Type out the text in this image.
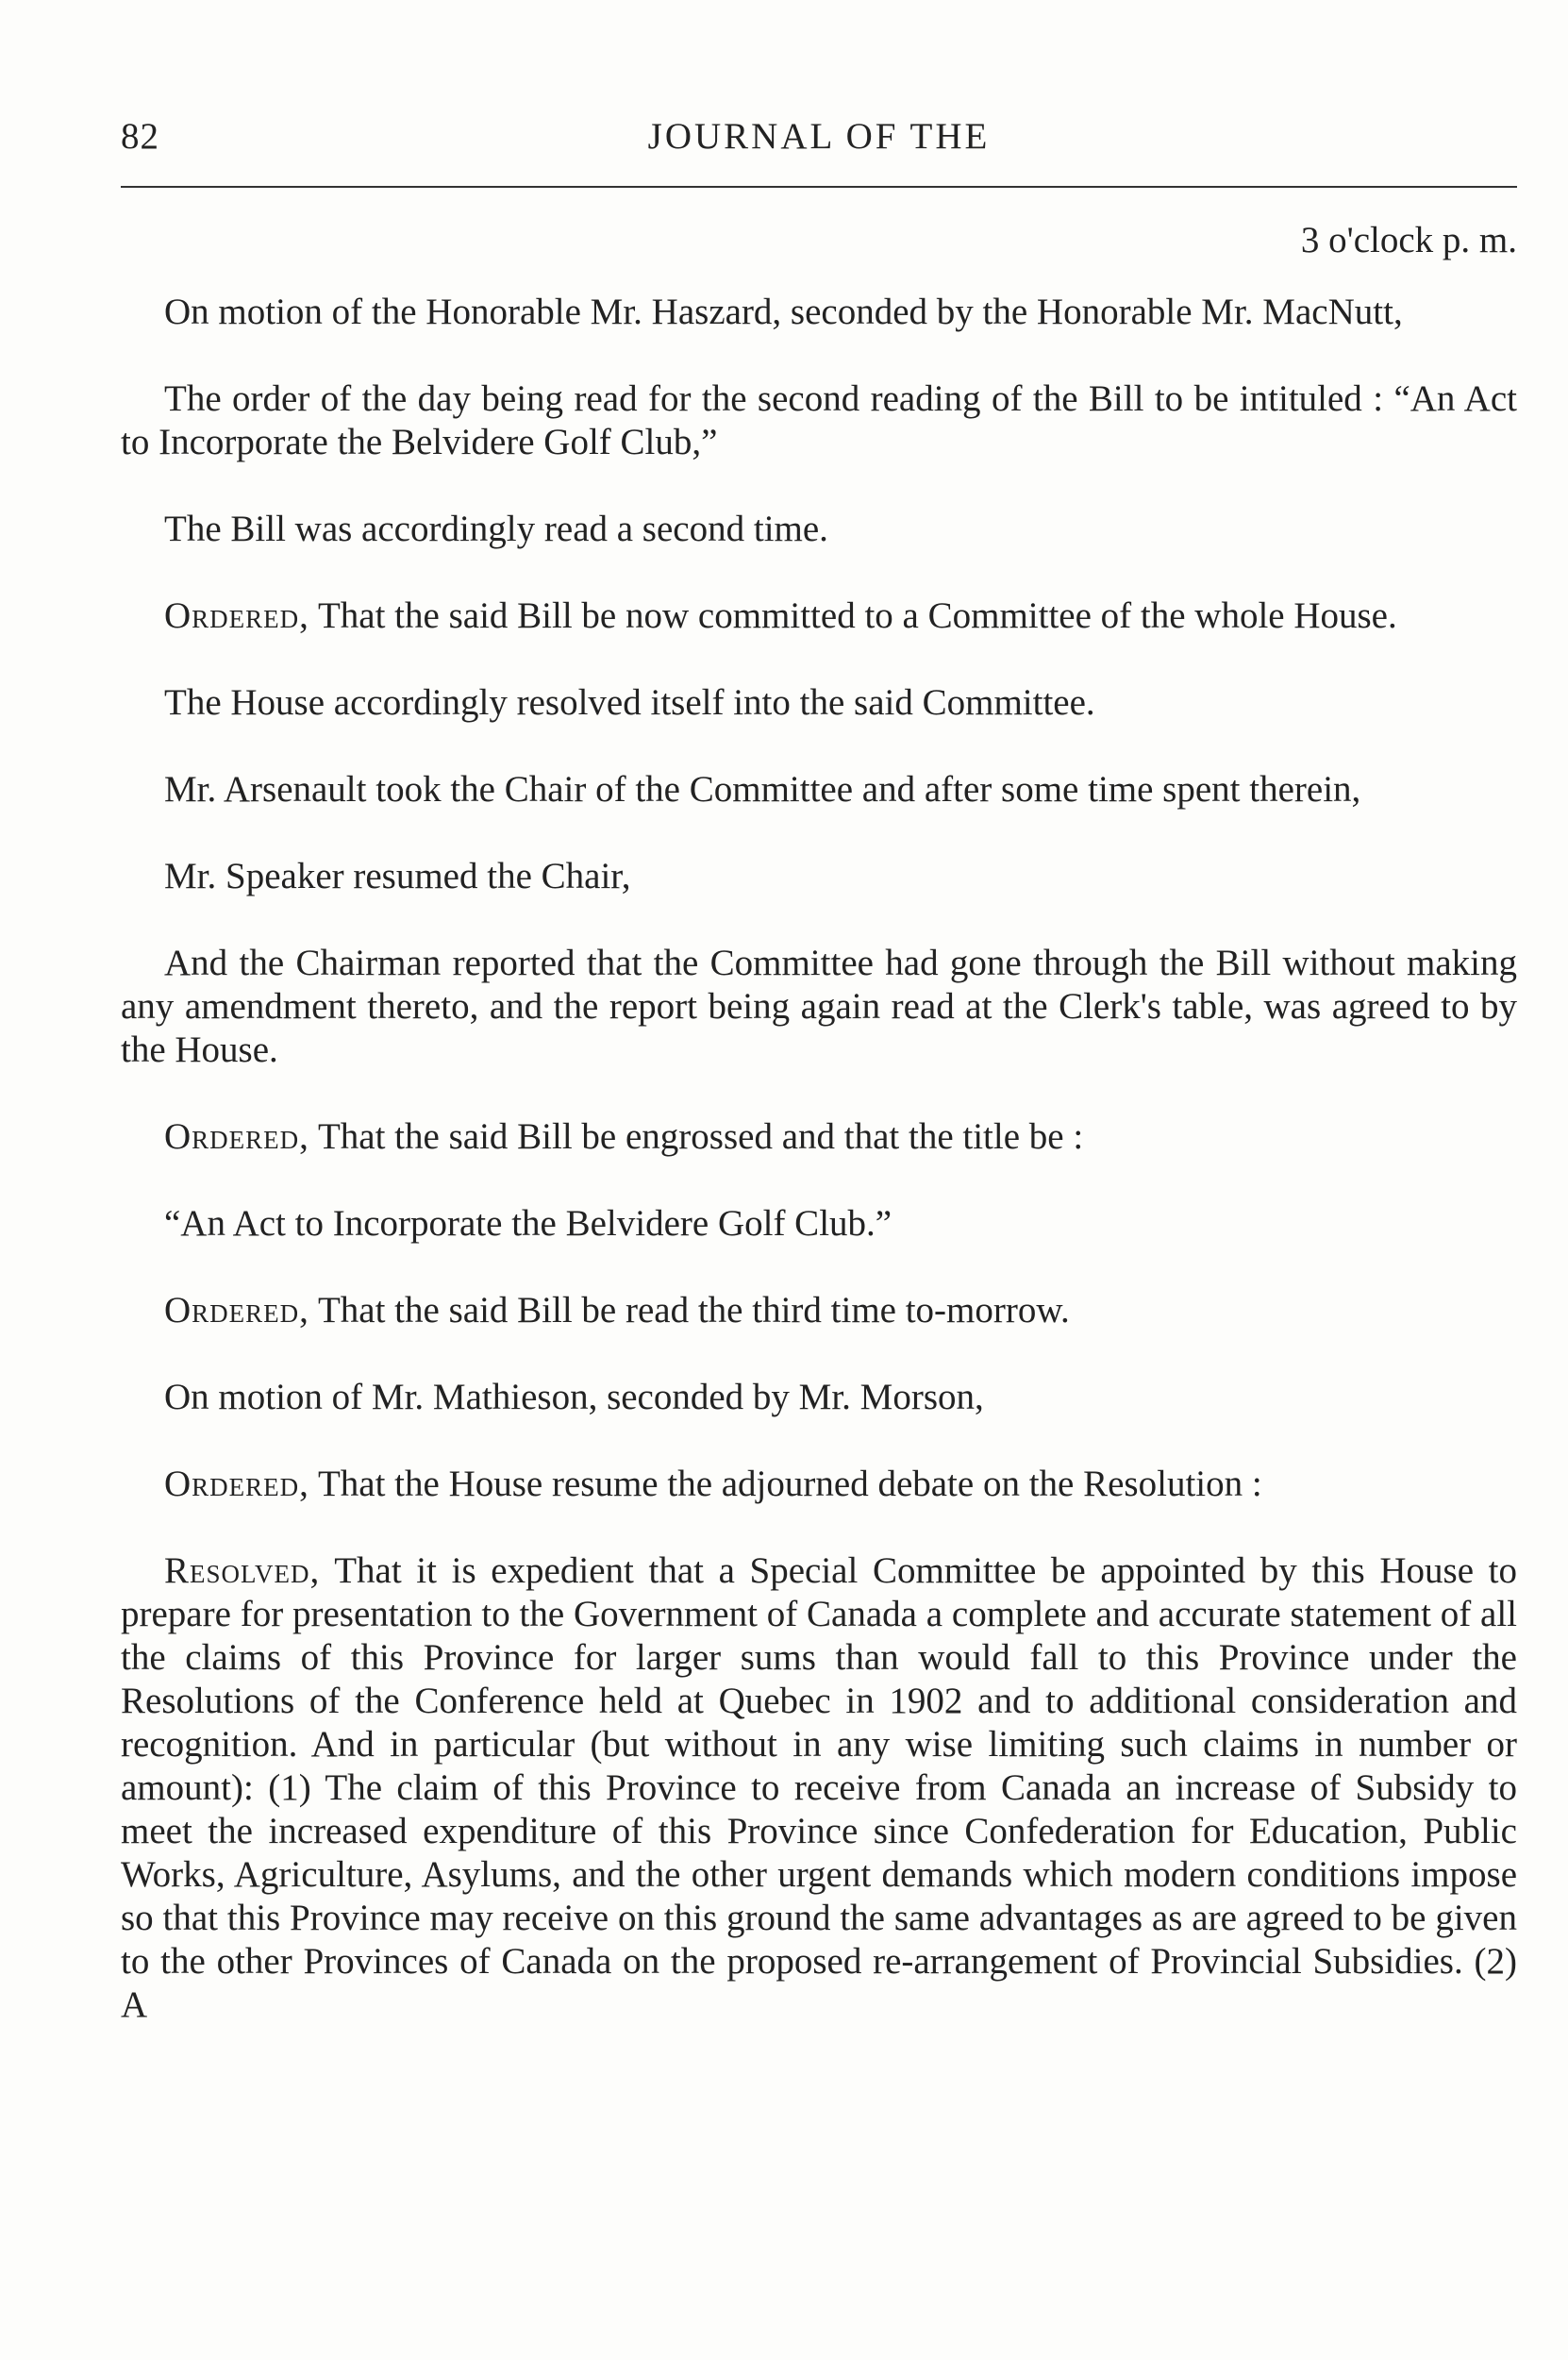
82	JOURNAL OF THE
3 o'clock p. m.

On motion of the Honorable Mr. Haszard, seconded by the Honorable Mr. MacNutt,

The order of the day being read for the second reading of the Bill to be intituled : “An Act to Incorporate the Belvidere Golf Club,”

The Bill was accordingly read a second time.

Ordered, That the said Bill be now committed to a Committee of the whole House.

The House accordingly resolved itself into the said Committee.

Mr. Arsenault took the Chair of the Committee and after some time spent therein,

Mr. Speaker resumed the Chair,

And the Chairman reported that the Committee had gone through the Bill without making any amendment thereto, and the report being again read at the Clerk's table, was agreed to by the House.

Ordered, That the said Bill be engrossed and that the title be :

“An Act to Incorporate the Belvidere Golf Club.”

Ordered, That the said Bill be read the third time to-morrow.

On motion of Mr. Mathieson, seconded by Mr. Morson,

Ordered, That the House resume the adjourned debate on the Resolution :

Resolved, That it is expedient that a Special Committee be appointed by this House to prepare for presentation to the Government of Canada a complete and accurate statement of all the claims of this Province for larger sums than would fall to this Province under the Resolutions of the Conference held at Quebec in 1902 and to additional consideration and recognition. And in particular (but without in any wise limiting such claims in number or amount): (1) The claim of this Province to receive from Canada an increase of Subsidy to meet the increased expenditure of this Province since Confederation for Education, Public Works, Agriculture, Asylums, and the other urgent demands which modern conditions impose so that this Province may receive on this ground the same advantages as are agreed to be given to the other Provinces of Canada on the proposed re-arrangement of Provincial Subsidies. (2) A
